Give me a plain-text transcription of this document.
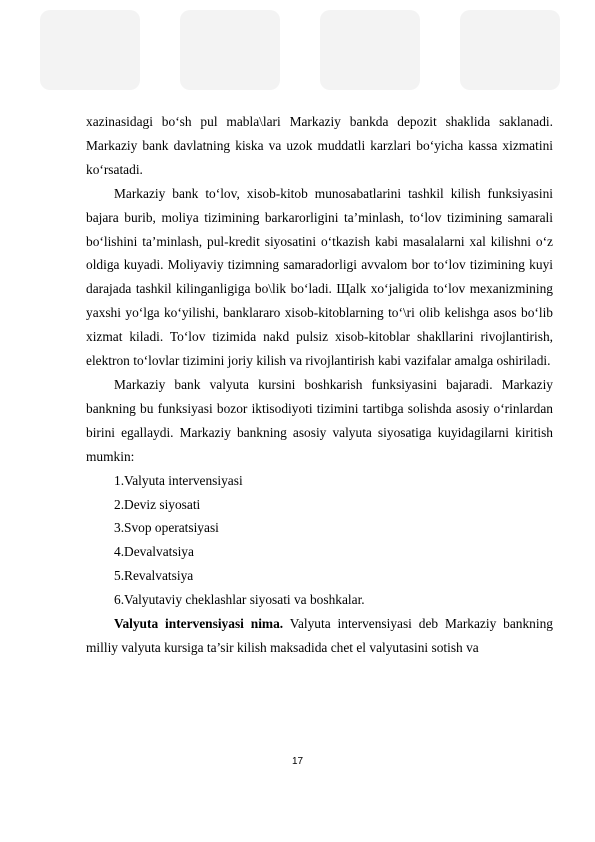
xazinasidagi bo‘sh pul mabla\lari Markaziy bankda depozit shaklida saklanadi. Markaziy bank davlatning kiska va uzok muddatli karzlari bo‘yicha kassa xizmatini ko‘rsatadi.

Markaziy bank to‘lov, xisob-kitob munosabatlarini tashkil kilish funksiyasini bajara burib, moliya tizimining barkarorligini ta’minlash, to‘lov tizimining samarali bo‘lishini ta’minlash, pul-kredit siyosatini o‘tkazish kabi masalalarni xal kilishni o‘z oldiga kuyadi. Moliyaviy tizimning samaradorligi avvalom bor to‘lov tizimining kuyi darajada tashkil kilinganligiga bo\lik bo‘ladi. Щalk xo‘jaligida to‘lov mexanizmining yaxshi yo‘lga ko‘yilishi, banklararo xisob-kitoblarning to‘\ri olib kelishga asos bo‘lib xizmat kiladi. To‘lov tizimida nakd pulsiz xisob-kitoblar shakllarini rivojlantirish, elektron to‘lovlar tizimini joriy kilish va rivojlantirish kabi vazifalar amalga oshiriladi.

Markaziy bank valyuta kursini boshkarish funksiyasini bajaradi. Markaziy bankning bu funksiyasi bozor iktisodiyoti tizimini tartibga solishda asosiy o‘rinlardan birini egallaydi. Markaziy bankning asosiy valyuta siyosatiga kuyidagilarni kiritish mumkin:

1.Valyuta intervensiyasi

2.Deviz siyosati

3.Svop operatsiyasi

4.Devalvatsiya

5.Revalvatsiya

6.Valyutaviy cheklashlar siyosati va boshkalar.

Valyuta intervensiyasi nima. Valyuta intervensiyasi deb Markaziy bankning milliy valyuta kursiga ta’sir kilish maksadida chet el valyutasini sotish va

17
